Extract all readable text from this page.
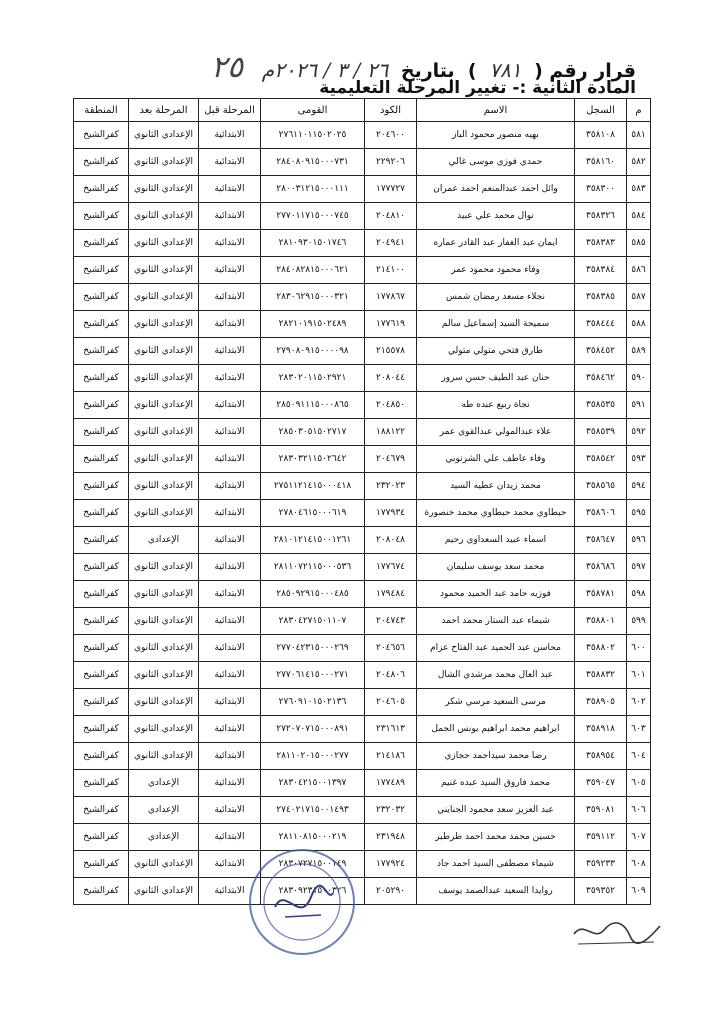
قرار رقم ( ٧٨١ )  بتاريخ ٢٦ / ٣ / ٢٠٢٦م ٢٥
المادة الثانية :- تغيير المرحلة التعليمية
م	السجل	الاسم	الكود	القومى	المرحلة قبل	المرحلة بعد	المنطقة
٥٨١	٣٥٨١٠٨	بهيه منصور محمود الباز	٢٠٤٦٠٠	٢٧٦١١٠١١٥٠٢٠٢٥	الابتدائية	الإعدادي الثانوي	كفرالشيخ
٥٨٢	٣٥٨١٦٠	حمدي فوزي موسى غالي	٢٢٩٢٠٦	٢٨٤٠٨٠٩١٥٠٠٠٧٣١	الابتدائية	الإعدادي الثانوي	كفرالشيخ
٥٨٣	٣٥٨٣٠٠	وائل احمد عبدالمنعم احمد عمران	١٧٧٧٢٧	٢٨٠٠٣١٢١٥٠٠٠١١١	الابتدائية	الإعدادي الثانوي	كفرالشيخ
٥٨٤	٣٥٨٣٢٦	نوال محمد علي عبيد	٢٠٤٨١٠	٢٧٧٠١١٧١٥٠٠٠٧٤٥	الابتدائية	الإعدادي الثانوي	كفرالشيخ
٥٨٥	٣٥٨٣٨٣	ايمان عبد الغفار عبد القادر عماره	٢٠٤٩٤١	٢٨١٠٩٣٠١٥٠١٧٤٦	الابتدائية	الإعدادي الثانوي	كفرالشيخ
٥٨٦	٣٥٨٣٨٤	وفاء محمود محمود عمر	٢١٤١٠٠	٢٨٤٠٨٢٨١٥٠٠٠٦٢١	الابتدائية	الإعدادي الثانوي	كفرالشيخ
٥٨٧	٣٥٨٣٨٥	نجلاء مسعد رمضان شمس	١٧٧٨٦٧	٢٨٣٠٦٢٩١٥٠٠٠٣٢١	الابتدائية	الإعدادي الثانوي	كفرالشيخ
٥٨٨	٣٥٨٤٤٤	سميحة السيد إسماعيل سالم	١٧٧٦١٩	٢٨٢١٠١٩١٥٠٢٤٨٩	الابتدائية	الإعدادي الثانوي	كفرالشيخ
٥٨٩	٣٥٨٤٥٢	طارق فتحي متولي متولي	٢١٥٥٧٨	٢٧٩٠٨٠٩١٥٠٠٠٠٩٨	الابتدائية	الإعدادي الثانوي	كفرالشيخ
٥٩٠	٣٥٨٤٦٢	حنان عبد الطيف حسن سرور	٢٠٨٠٤٤	٢٨٣٠٢٠١١٥٠٢٩٢١	الابتدائية	الإعدادي الثانوي	كفرالشيخ
٥٩١	٣٥٨٥٣٥	نجاة ربيع عبده طه	٢٠٤٨٥٠	٢٨٥٠٩١١١٥٠٠٠٨٦٥	الابتدائية	الإعدادي الثانوي	كفرالشيخ
٥٩٢	٣٥٨٥٣٩	علاء عبدالمولي عبدالقوي عمر	١٨٨١٢٢	٢٨٥٠٣٠٥١٥٠٢٧١٧	الابتدائية	الإعدادي الثانوي	كفرالشيخ
٥٩٣	٣٥٨٥٤٢	وفاء عاطف علي الشرنوبي	٢٠٤٦٧٩	٢٨٣٠٣٢١١٥٠٢٦٤٢	الابتدائية	الإعدادي الثانوي	كفرالشيخ
٥٩٤	٣٥٨٥٦٥	محمد زيدان عطيه السيد	٢٣٢٠٢٣	٢٧٥١١٢١٤١٥٠٠٠٤١٨	الابتدائية	الإعدادي الثانوي	كفرالشيخ
٥٩٥	٣٥٨٦٠٦	حيطاوي محمد حيطاوي محمد خنصورة	١٧٧٩٣٤	٢٧٨٠٤٦١٥٠٠٠٦١٩	الابتدائية	الإعدادي الثانوي	كفرالشيخ
٥٩٦	٣٥٨٦٤٧	اسماء عبيد السعداوي رحيم	٢٠٨٠٤٨	٢٨١٠١٢١٤١٥٠٠١٢٦١	الابتدائية	الإعدادي	كفرالشيخ
٥٩٧	٣٥٨٦٨٦	محمد سعد يوسف سليمان	١٧٧٦٧٤	٢٨١١٠٧٢١١٥٠٠٠٥٣٦	الابتدائية	الإعدادي الثانوي	كفرالشيخ
٥٩٨	٣٥٨٧٨١	فوزيه حامد عبد الحميد محمود	١٧٩٤٨٤	٢٨٥٠٩٢٩١٥٠٠٠٤٨٥	الابتدائية	الإعدادي الثانوي	كفرالشيخ
٥٩٩	٣٥٨٨٠١	شيماء عبد الستار محمد احمد	٢٠٤٧٤٣	٢٨٣٠٤٢٧١٥٠١١٠٧	الابتدائية	الإعدادي الثانوي	كفرالشيخ
٦٠٠	٣٥٨٨٠٢	محاسن عبد الحميد عبد الفتاح عزام	٢٠٤٦٥٦	٢٧٧٠٤٢٣١٥٠٠٠٢٦٩	الابتدائية	الإعدادي الثانوي	كفرالشيخ
٦٠١	٣٥٨٨٣٢	عبد العال محمد مرشدي الشال	٢٠٤٨٠٦	٢٧٧٠٦١٤١٥٠٠٠٢٧١	الابتدائية	الإعدادي الثانوي	كفرالشيخ
٦٠٢	٣٥٨٩٠٥	مرسى السعيد مرسي شكر	٢٠٤٦٠٥	٢٧٦٠٩١٠١٥٠٢١٣٦	الابتدائية	الإعدادي الثانوي	كفرالشيخ
٦٠٣	٣٥٨٩١٨	ابراهيم محمد ابراهيم يونس الجمل	٢٣١٦١٣	٢٧٢٠٧٠٧١٥٠٠٠٨٩١	الابتدائية	الإعدادي الثانوي	كفرالشيخ
٦٠٤	٣٥٨٩٥٤	رضا محمد سيداحمد حجازي	٢١٤١٨٦	٢٨١١٠٢٠١٥٠٠٠٢٧٧	الابتدائية	الإعدادي الثانوي	كفرالشيخ
٦٠٥	٣٥٩٠٤٧	محمد فاروق السيد عبده غنيم	١٧٧٤٨٩	٢٨٣٠٤٢١٥٠٠١٣٩٧	الابتدائية	الإعدادي	كفرالشيخ
٦٠٦	٣٥٩٠٨١	عبد العزيز سعد محمود الجنايني	٢٣٢٠٣٢	٢٧٤٠٢١٧١٥٠٠١٤٩٣	الابتدائية	الإعدادي	كفرالشيخ
٦٠٧	٣٥٩١١٢	حسين محمد محمد احمد طرطير	٢٣١٩٤٨	٢٨١١٠٨١٥٠٠٠٢١٩	الابتدائية	الإعدادي	كفرالشيخ
٦٠٨	٣٥٩٢٣٣	شيماء مصطفى السيد احمد جاد	١٧٧٩٢٤	٢٨٣٠٧٢٧١٥٠٠١٤٩	الابتدائية	الإعدادي الثانوي	كفرالشيخ
٦٠٩	٣٥٩٣٥٢	روايدا السعيد عبدالصمد يوسف	٢٠٥٢٩٠	٢٨٣٠٩٢٣١٥٠٠٣٢٦	الابتدائية	الإعدادي الثانوي	كفرالشيخ
